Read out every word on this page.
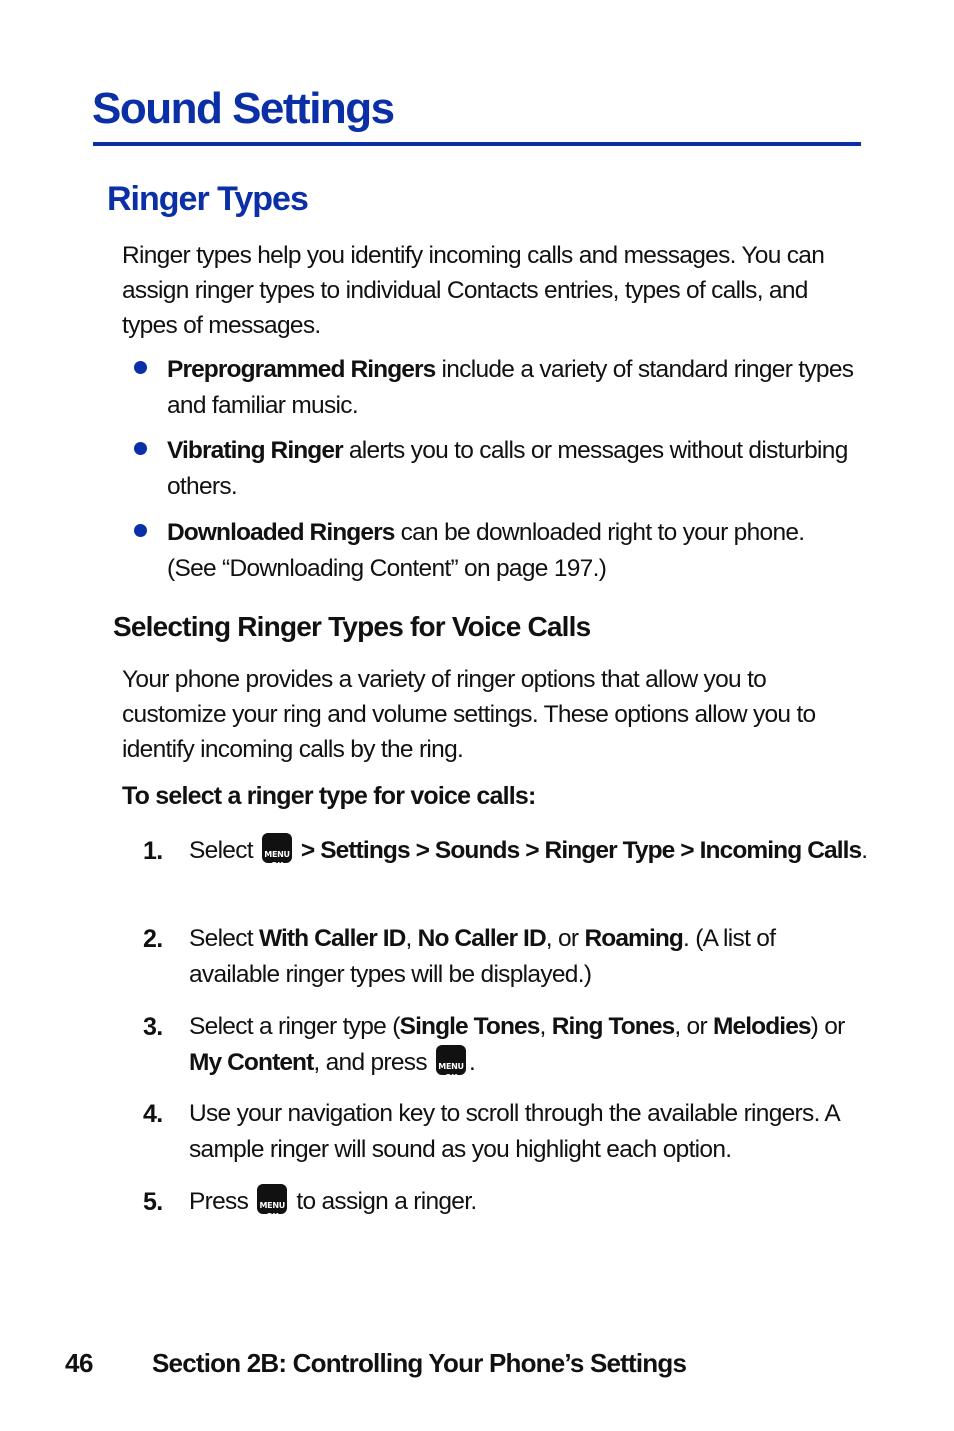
Sound Settings
Ringer Types

Ringer types help you identify incoming calls and messages. You can assign ringer types to individual Contacts entries, types of calls, and types of messages.

Preprogrammed Ringers include a variety of standard ringer types and familiar music.
Vibrating Ringer alerts you to calls or messages without disturbing others.
Downloaded Ringers can be downloaded right to your phone. (See “Downloading Content” on page 197.)
Selecting Ringer Types for Voice Calls

Your phone provides a variety of ringer options that allow you to customize your ring and volume settings. These options allow you to identify incoming calls by the ring.

To select a ringer type for voice calls:

1. Select MENU OK > Settings > Sounds > Ringer Type > Incoming Calls.
2. Select With Caller ID, No Caller ID, or Roaming. (A list of available ringer types will be displayed.)
3. Select a ringer type (Single Tones, Ring Tones, or Melodies) or
My Content, and press MENU OK.
4. Use your navigation key to scroll through the available ringers. A sample ringer will sound as you highlight each option.
5. Press MENU OK to assign a ringer.

46 Section 2B: Controlling Your Phone’s Settings
